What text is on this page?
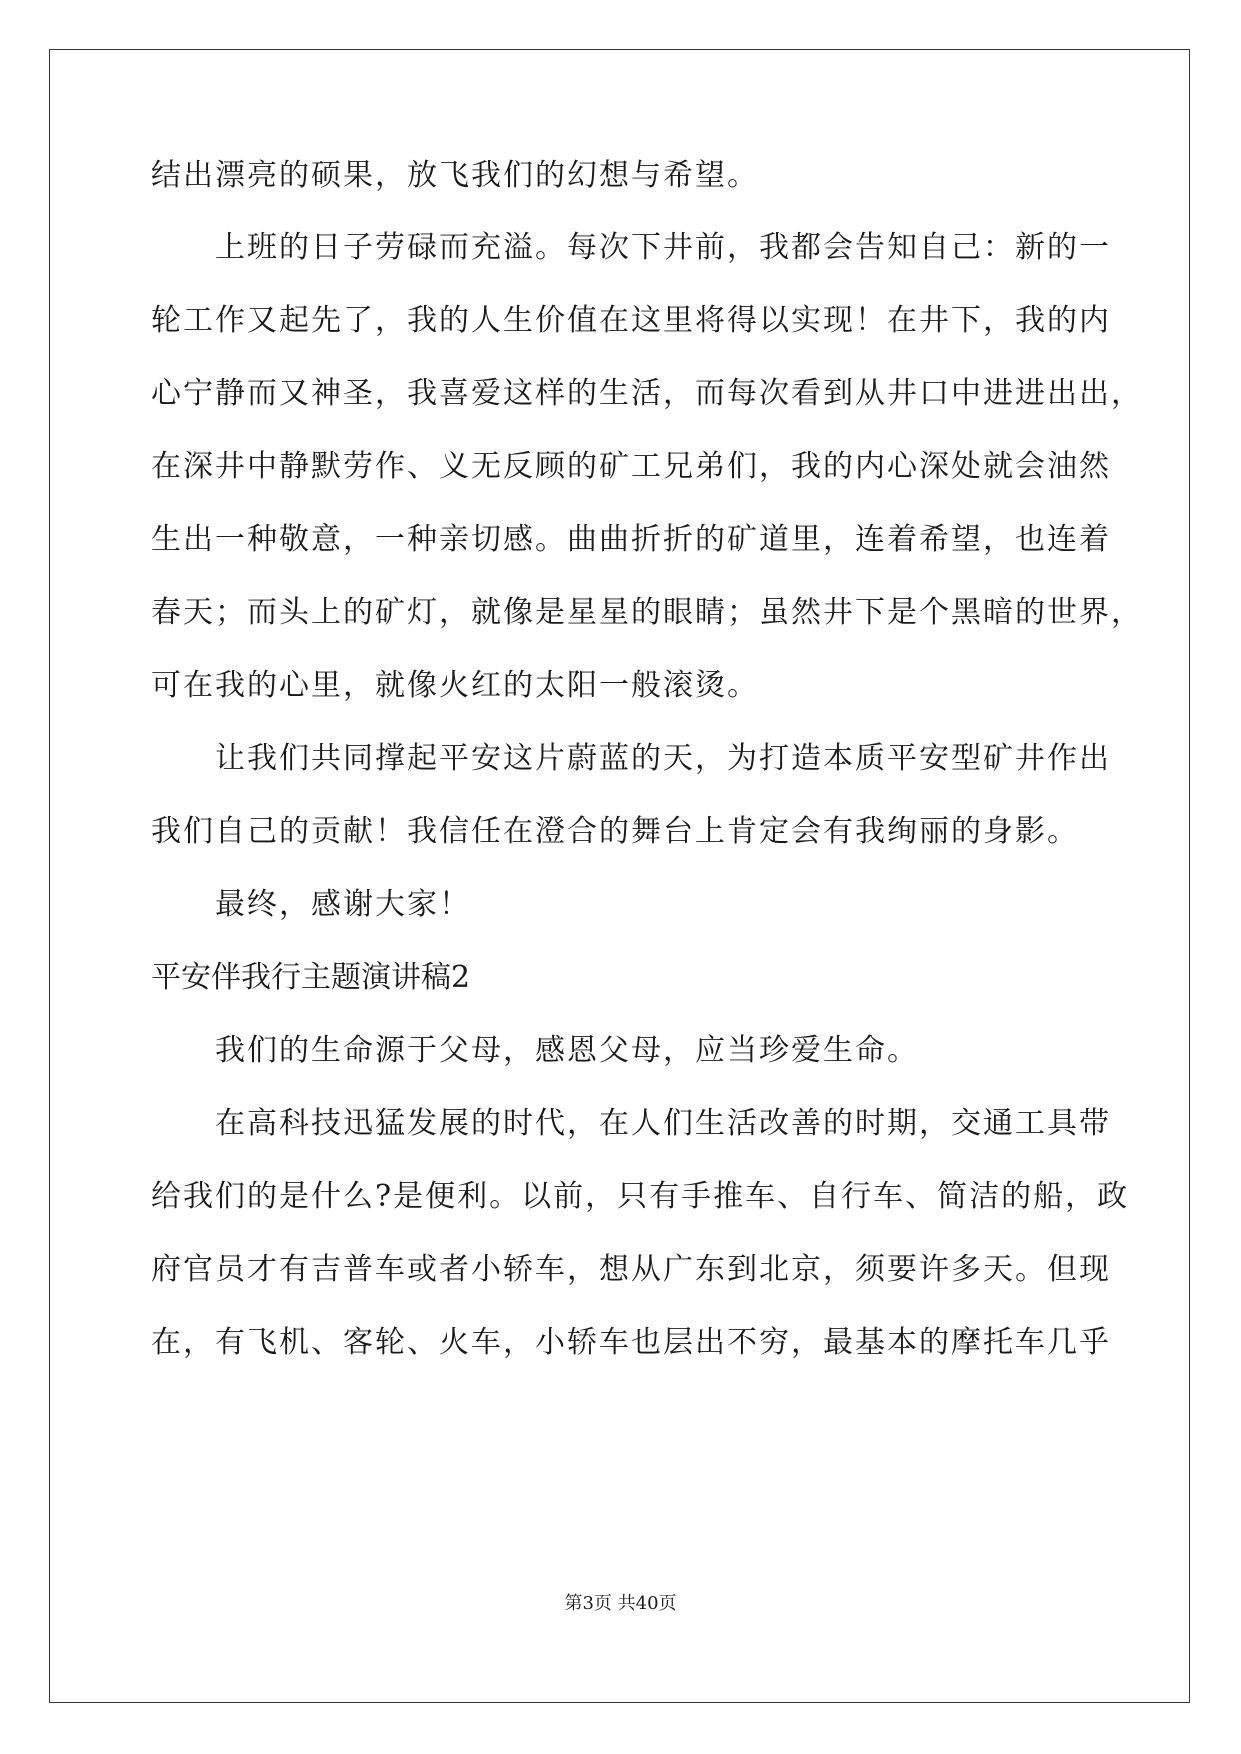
结出漂亮的硕果，放飞我们的幻想与希望。
上班的日子劳碌而充溢。每次下井前，我都会告知自己：新的一
轮工作又起先了，我的人生价值在这里将得以实现！在井下，我的内
心宁静而又神圣，我喜爱这样的生活，而每次看到从井口中进进出出，
在深井中静默劳作、义无反顾的矿工兄弟们，我的内心深处就会油然
生出一种敬意，一种亲切感。曲曲折折的矿道里，连着希望，也连着
春天；而头上的矿灯，就像是星星的眼睛；虽然井下是个黑暗的世界，
可在我的心里，就像火红的太阳一般滚烫。
让我们共同撑起平安这片蔚蓝的天，为打造本质平安型矿井作出
我们自己的贡献！我信任在澄合的舞台上肯定会有我绚丽的身影。
最终，感谢大家！
平安伴我行主题演讲稿2
我们的生命源于父母，感恩父母，应当珍爱生命。
在高科技迅猛发展的时代，在人们生活改善的时期，交通工具带
给我们的是什么?是便利。以前，只有手推车、自行车、简洁的船，政
府官员才有吉普车或者小轿车，想从广东到北京，须要许多天。但现
在，有飞机、客轮、火车，小轿车也层出不穷，最基本的摩托车几乎
第3页 共40页
